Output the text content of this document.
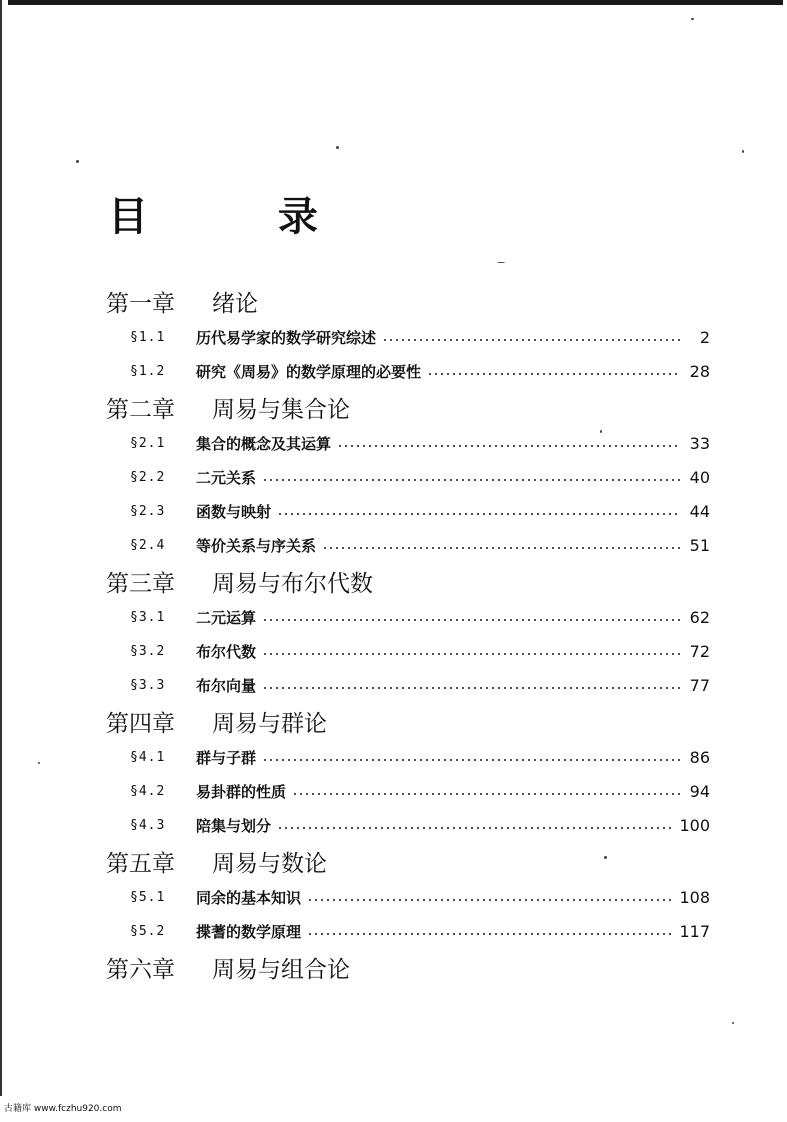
目 录
第一章	绪论
§1.1	历代易学家的数学研究综述	2
§1.2	研究《周易》的数学原理的必要性	28
第二章	周易与集合论
§2.1	集合的概念及其运算	33
§2.2	二元关系	40
§2.3	函数与映射	44
§2.4	等价关系与序关系	51
第三章	周易与布尔代数
§3.1	二元运算	62
§3.2	布尔代数	72
§3.3	布尔向量	77
第四章	周易与群论
§4.1	群与子群	86
§4.2	易卦群的性质	94
§4.3	陪集与划分	100
第五章	周易与数论
§5.1	同余的基本知识	108
§5.2	揲蓍的数学原理	117
第六章	周易与组合论
古籍库 www.fczhu920.com
